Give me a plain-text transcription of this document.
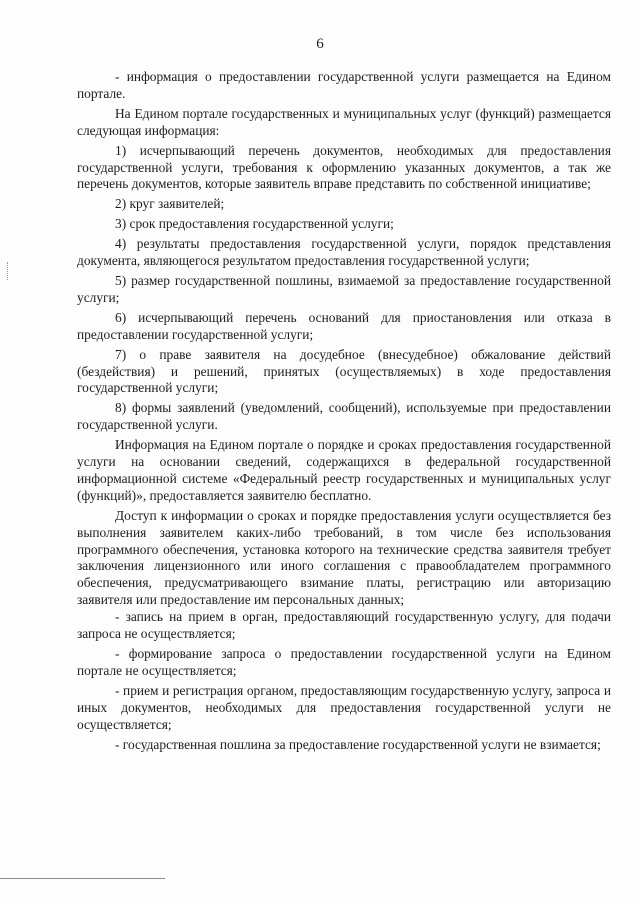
6

- информация о предоставлении государственной услуги размещается на Едином портале.

На Едином портале государственных и муниципальных услуг (функций) размещается следующая информация:

1) исчерпывающий перечень документов, необходимых для предоставления государственной услуги, требования к оформлению указанных документов, а так же перечень документов, которые заявитель вправе представить по собственной инициативе;

2) круг заявителей;

3) срок предоставления государственной услуги;

4) результаты предоставления государственной услуги, порядок представления документа, являющегося результатом предоставления государственной услуги;

5) размер государственной пошлины, взимаемой за предоставление государственной услуги;

6) исчерпывающий перечень оснований для приостановления или отказа в предоставлении государственной услуги;

7) о праве заявителя на досудебное (внесудебное) обжалование действий (бездействия) и решений, принятых (осуществляемых) в ходе предоставления государственной услуги;

8) формы заявлений (уведомлений, сообщений), используемые при предоставлении государственной услуги.

Информация на Едином портале о порядке и сроках предоставления государственной услуги на основании сведений, содержащихся в федеральной государственной информационной системе «Федеральный реестр государственных и муниципальных услуг (функций)», предоставляется заявителю бесплатно.

Доступ к информации о сроках и порядке предоставления услуги осуществляется без выполнения заявителем каких-либо требований, в том числе без использования программного обеспечения, установка которого на технические средства заявителя требует заключения лицензионного или иного соглашения с правообладателем программного обеспечения, предусматривающего взимание платы, регистрацию или авторизацию заявителя или предоставление им персональных данных;

- запись на прием в орган, предоставляющий государственную услугу, для подачи запроса не осуществляется;

- формирование запроса о предоставлении государственной услуги на Едином портале не осуществляется;

- прием и регистрация органом, предоставляющим государственную услугу, запроса и иных документов, необходимых для предоставления государственной услуги не осуществляется;

- государственная пошлина за предоставление государственной услуги не взимается;
